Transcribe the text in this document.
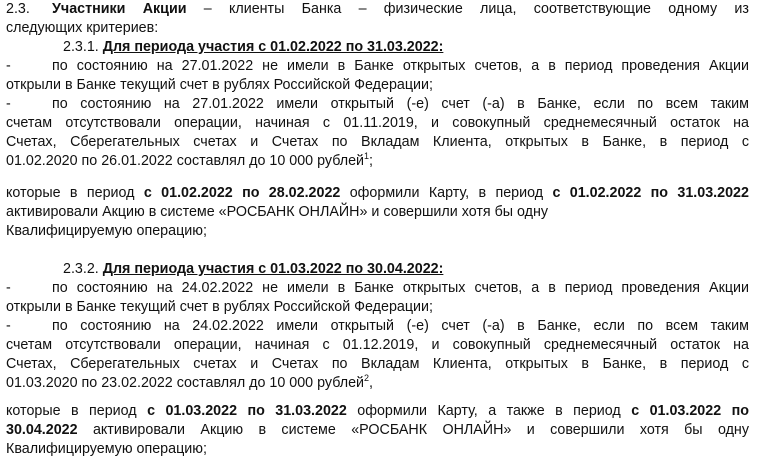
2.3. Участники Акции – клиенты Банка – физические лица, соответствующие одному из
следующих критериев:
2.3.1. Для периода участия с 01.02.2022 по 31.03.2022:
-	по состоянию на 27.01.2022 не имели в Банке открытых счетов, а в период проведения Акции
открыли в Банке текущий счет в рублях Российской Федерации;
-	по состоянию на 27.01.2022 имели открытый (-е) счет (-а) в Банке, если по всем таким
счетам отсутствовали операции, начиная с 01.11.2019, и совокупный среднемесячный остаток на
Счетах, Сберегательных счетах и Счетах по Вкладам Клиента, открытых в Банке, в период с
01.02.2020 по 26.01.2022 составлял до 10 000 рублей$^1$;
которые в период с 01.02.2022 по 28.02.2022 оформили Карту, в период с 01.02.2022 по 31.03.2022
активировали Акцию в системе «РОСБАНК ОНЛАЙН» и совершили хотя бы одну
Квалифицируемую операцию;
2.3.2. Для периода участия с 01.03.2022 по 30.04.2022:
-	по состоянию на 24.02.2022 не имели в Банке открытых счетов, а в период проведения Акции
открыли в Банке текущий счет в рублях Российской Федерации;
-	по состоянию на 24.02.2022 имели открытый (-е) счет (-а) в Банке, если по всем таким
счетам отсутствовали операции, начиная с 01.12.2019, и совокупный среднемесячный остаток на
Счетах, Сберегательных счетах и Счетах по Вкладам Клиента, открытых в Банке, в период с
01.03.2020 по 23.02.2022 составлял до 10 000 рублей$^2$,
которые в период с 01.03.2022 по 31.03.2022 оформили Карту, а также в период с 01.03.2022 по
30.04.2022 активировали Акцию в системе «РОСБАНК ОНЛАЙН» и совершили хотя бы одну
Квалифицируемую операцию;
